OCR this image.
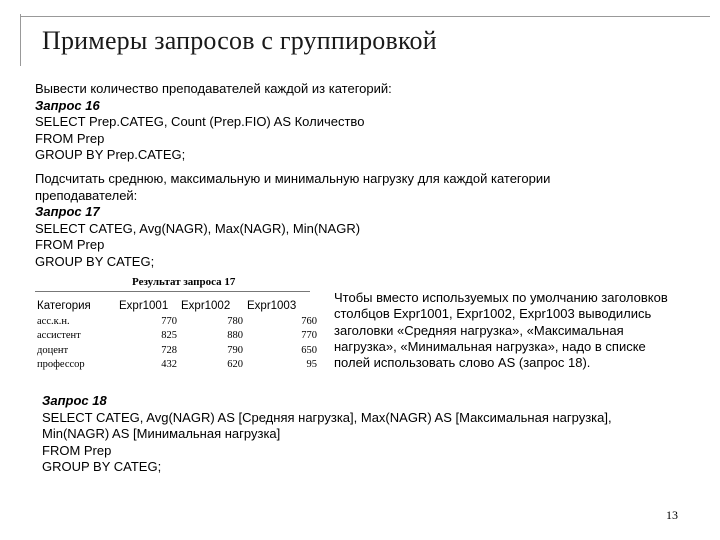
Примеры запросов с группировкой
Вывести количество преподавателей каждой из категорий:
Запрос 16
SELECT Prep.CATEG, Count (Prep.FIO) AS Количество
FROM Prep
GROUP BY Prep.CATEG;
Подсчитать среднюю, максимальную и минимальную нагрузку для каждой категории
преподавателей:
Запрос 17
SELECT CATEG, Avg(NAGR), Max(NAGR), Min(NAGR)
FROM Prep
GROUP BY CATEG;
Результат запроса 17
Категория	Expr1001	Expr1002	Expr1003
асс.к.н.	770	780	760
ассистент	825	880	770
доцент	728	790	650
профессор	432	620	95
Чтобы вместо используемых по умолчанию заголовков
столбцов Expr1001, Expr1002, Expr1003 выводились
заголовки «Средняя нагрузка», «Максимальная
нагрузка», «Минимальная нагрузка», надо в списке
полей использовать слово AS (запрос 18).
Запрос 18
SELECT CATEG, Avg(NAGR) AS [Средняя нагрузка], Max(NAGR) AS [Максимальная нагрузка],
Min(NAGR) AS [Минимальная нагрузка]
FROM Prep
GROUP BY CATEG;
13
